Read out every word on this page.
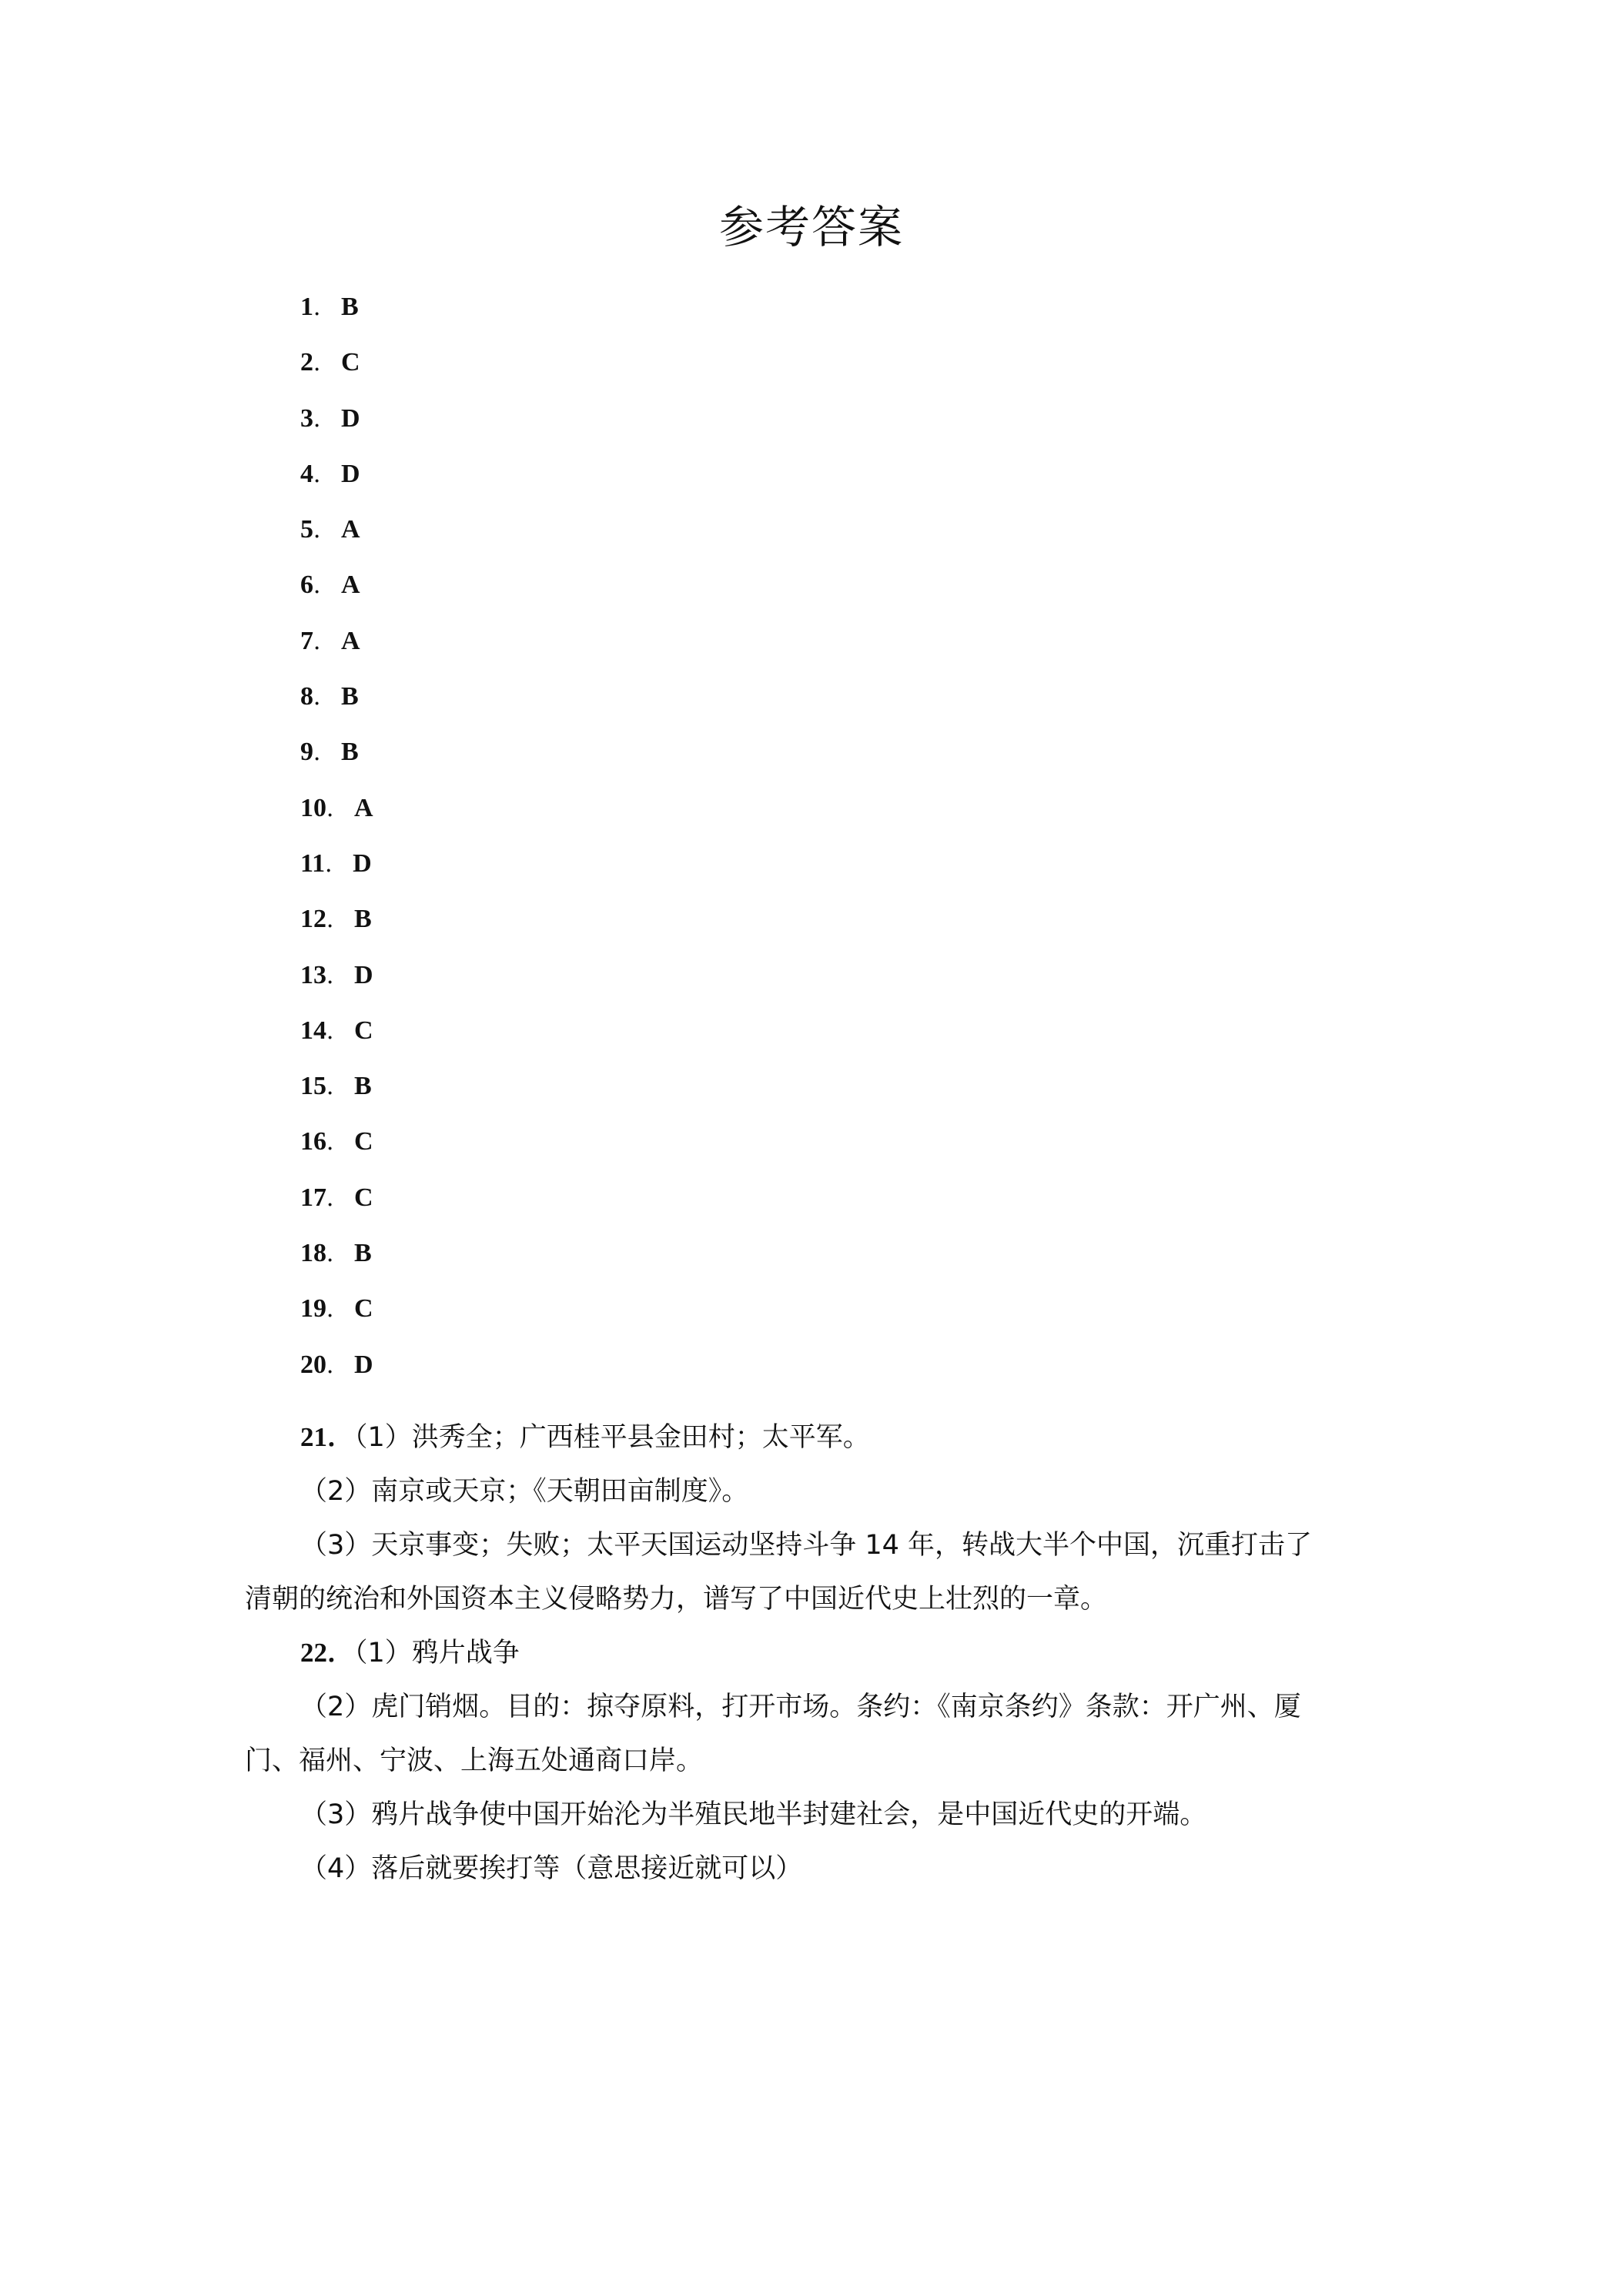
参考答案
1． B
2． C
3． D
4． D
5． A
6． A
7． A
8． B
9． B
10． A
11． D
12． B
13． D
14． C
15． B
16． C
17． C
18． B
19． C
20． D
21．（1）洪秀全；广西桂平县金田村；太平军。
（2）南京或天京；《天朝田亩制度》。
（3）天京事变；失败；太平天国运动坚持斗争 14 年，转战大半个中国，沉重打击了
清朝的统治和外国资本主义侵略势力，谱写了中国近代史上壮烈的一章。
22．（1）鸦片战争
（2）虎门销烟。目的：掠夺原料，打开市场。条约：《南京条约》条款：开广州、厦
门、福州、宁波、上海五处通商口岸。
（3）鸦片战争使中国开始沦为半殖民地半封建社会，是中国近代史的开端。
（4）落后就要挨打等（意思接近就可以）
